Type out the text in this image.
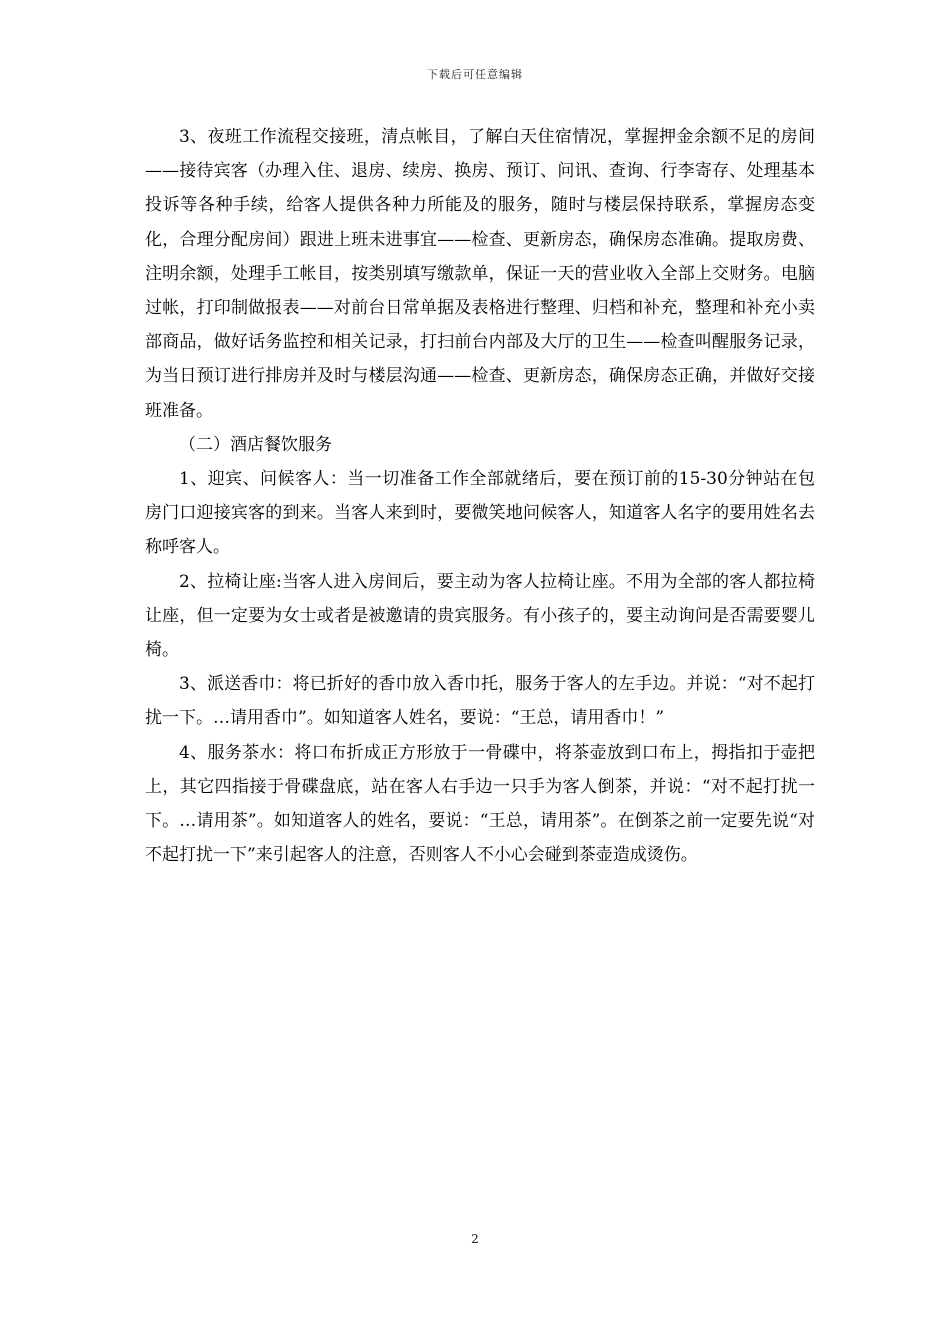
下载后可任意编辑

3、夜班工作流程交接班，清点帐目，了解白天住宿情况，掌握押金余额不足的房间——接待宾客（办理入住、退房、续房、换房、预订、问讯、查询、行李寄存、处理基本投诉等各种手续，给客人提供各种力所能及的服务，随时与楼层保持联系，掌握房态变化，合理分配房间）跟进上班未进事宜——检查、更新房态，确保房态准确。提取房费、注明余额，处理手工帐目，按类别填写缴款单，保证一天的营业收入全部上交财务。电脑过帐，打印制做报表——对前台日常单据及表格进行整理、归档和补充，整理和补充小卖部商品，做好话务监控和相关记录，打扫前台内部及大厅的卫生——检查叫醒服务记录，为当日预订进行排房并及时与楼层沟通——检查、更新房态，确保房态正确，并做好交接班准备。

（二）酒店餐饮服务

1、迎宾、问候客人：当一切准备工作全部就绪后，要在预订前的15-30分钟站在包房门口迎接宾客的到来。当客人来到时，要微笑地问候客人，知道客人名字的要用姓名去称呼客人。

2、拉椅让座:当客人进入房间后，要主动为客人拉椅让座。不用为全部的客人都拉椅让座，但一定要为女士或者是被邀请的贵宾服务。有小孩子的，要主动询问是否需要婴儿椅。

3、派送香巾：将已折好的香巾放入香巾托，服务于客人的左手边。并说：“对不起打扰一下。…请用香巾”。如知道客人姓名，要说：“王总，请用香巾！”

4、服务茶水：将口布折成正方形放于一骨碟中，将茶壶放到口布上，拇指扣于壶把上，其它四指接于骨碟盘底，站在客人右手边一只手为客人倒茶，并说：“对不起打扰一下。…请用茶”。如知道客人的姓名，要说：“王总，请用茶”。在倒茶之前一定要先说“对不起打扰一下”来引起客人的注意，否则客人不小心会碰到茶壶造成烫伤。

2
